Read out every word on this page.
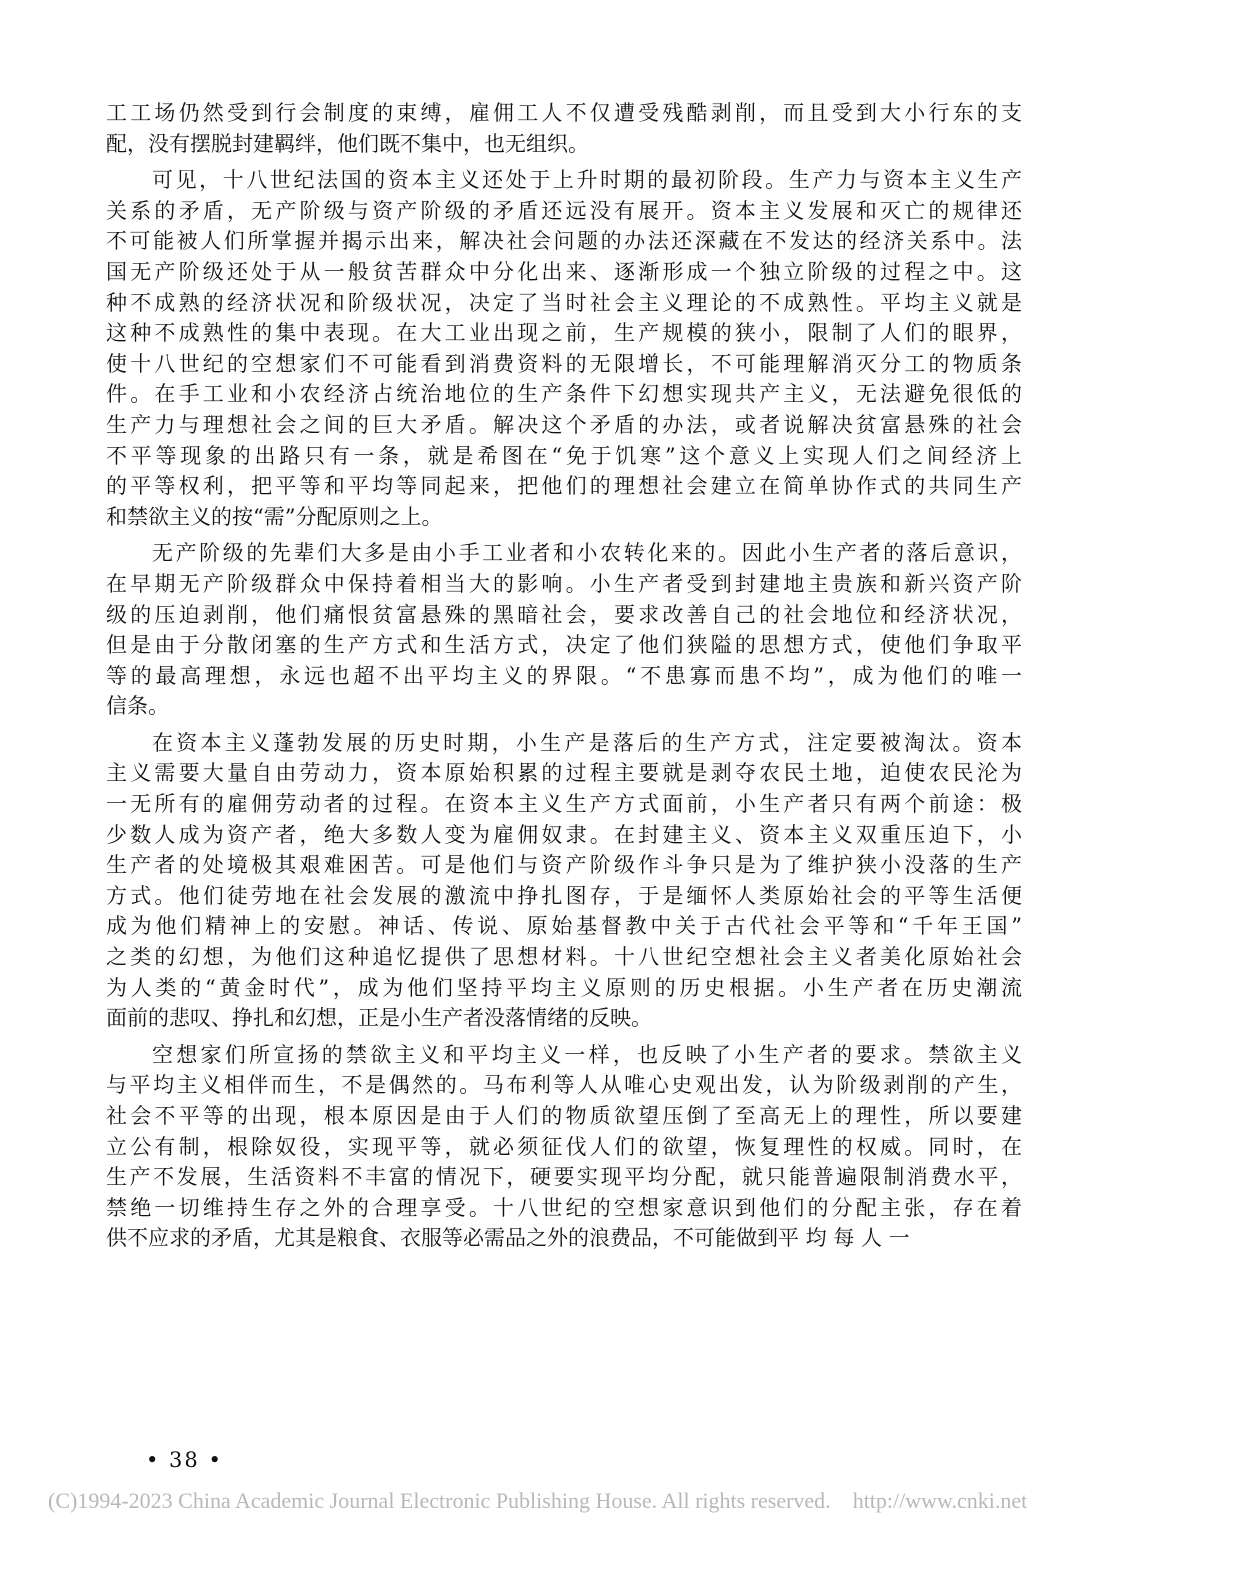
工工场仍然受到行会制度的束缚，雇佣工人不仅遭受残酷剥削，而且受到大小行东的支
配，没有摆脱封建羁绊，他们既不集中，也无组织。

可见，十八世纪法国的资本主义还处于上升时期的最初阶段。生产力与资本主义生产
关系的矛盾，无产阶级与资产阶级的矛盾还远没有展开。资本主义发展和灭亡的规律还
不可能被人们所掌握并揭示出来，解决社会问题的办法还深藏在不发达的经济关系中。法
国无产阶级还处于从一般贫苦群众中分化出来、逐渐形成一个独立阶级的过程之中。这
种不成熟的经济状况和阶级状况，决定了当时社会主义理论的不成熟性。平均主义就是
这种不成熟性的集中表现。在大工业出现之前，生产规模的狭小，限制了人们的眼界，
使十八世纪的空想家们不可能看到消费资料的无限增长，不可能理解消灭分工的物质条
件。在手工业和小农经济占统治地位的生产条件下幻想实现共产主义，无法避免很低的
生产力与理想社会之间的巨大矛盾。解决这个矛盾的办法，或者说解决贫富悬殊的社会
不平等现象的出路只有一条，就是希图在“免于饥寒”这个意义上实现人们之间经济上
的平等权利，把平等和平均等同起来，把他们的理想社会建立在简单协作式的共同生产
和禁欲主义的按“需”分配原则之上。

无产阶级的先辈们大多是由小手工业者和小农转化来的。因此小生产者的落后意识，
在早期无产阶级群众中保持着相当大的影响。小生产者受到封建地主贵族和新兴资产阶
级的压迫剥削，他们痛恨贫富悬殊的黑暗社会，要求改善自己的社会地位和经济状况，
但是由于分散闭塞的生产方式和生活方式，决定了他们狭隘的思想方式，使他们争取平
等的最高理想，永远也超不出平均主义的界限。“不患寡而患不均”，成为他们的唯一
信条。

在资本主义蓬勃发展的历史时期，小生产是落后的生产方式，注定要被淘汰。资本
主义需要大量自由劳动力，资本原始积累的过程主要就是剥夺农民土地，迫使农民沦为
一无所有的雇佣劳动者的过程。在资本主义生产方式面前，小生产者只有两个前途：极
少数人成为资产者，绝大多数人变为雇佣奴隶。在封建主义、资本主义双重压迫下，小
生产者的处境极其艰难困苦。可是他们与资产阶级作斗争只是为了维护狭小没落的生产
方式。他们徒劳地在社会发展的激流中挣扎图存，于是缅怀人类原始社会的平等生活便
成为他们精神上的安慰。神话、传说、原始基督教中关于古代社会平等和“千年王国”
之类的幻想，为他们这种追忆提供了思想材料。十八世纪空想社会主义者美化原始社会
为人类的“黄金时代”，成为他们坚持平均主义原则的历史根据。小生产者在历史潮流
面前的悲叹、挣扎和幻想，正是小生产者没落情绪的反映。

空想家们所宣扬的禁欲主义和平均主义一样，也反映了小生产者的要求。禁欲主义
与平均主义相伴而生，不是偶然的。马布利等人从唯心史观出发，认为阶级剥削的产生，
社会不平等的出现，根本原因是由于人们的物质欲望压倒了至高无上的理性，所以要建
立公有制，根除奴役，实现平等，就必须征伐人们的欲望，恢复理性的权威。同时，在
生产不发展，生活资料不丰富的情况下，硬要实现平均分配，就只能普遍限制消费水平，
禁绝一切维持生存之外的合理享受。十八世纪的空想家意识到他们的分配主张，存在着
供不应求的矛盾，尤其是粮食、衣服等必需品之外的浪费品，不可能做到平 均 每 人 一

• 38 •
(C)1994-2023 China Academic Journal Electronic Publishing House. All rights reserved. http://www.cnki.net
